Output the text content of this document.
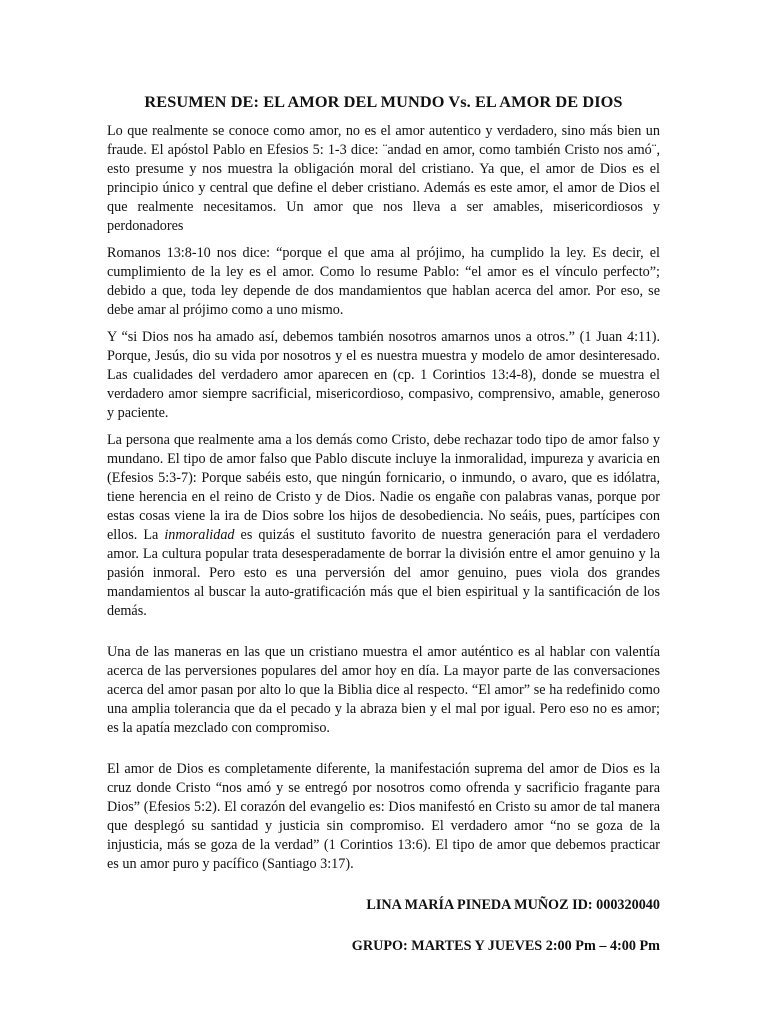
RESUMEN DE: EL AMOR DEL MUNDO Vs. EL AMOR DE DIOS

Lo que realmente se conoce como amor, no es el amor autentico y verdadero, sino más bien un fraude. El apóstol Pablo en Efesios 5: 1-3 dice: ¨andad en amor, como también Cristo nos amó¨, esto presume y nos muestra la obligación moral del cristiano. Ya que, el amor de Dios es el principio único y central que define el deber cristiano. Además es este amor, el amor de Dios el que realmente necesitamos. Un amor que nos lleva a ser amables, misericordiosos y perdonadores

Romanos 13:8-10 nos dice: “porque el que ama al prójimo, ha cumplido la ley. Es decir, el cumplimiento de la ley es el amor. Como lo resume Pablo: “el amor es el vínculo perfecto”; debido a que, toda ley depende de dos mandamientos que hablan acerca del amor. Por eso, se debe amar al prójimo como a uno mismo.

Y “si Dios nos ha amado así, debemos también nosotros amarnos unos a otros.” (1 Juan 4:11). Porque, Jesús, dio su vida por nosotros y el es nuestra muestra y modelo de amor desinteresado. Las cualidades del verdadero amor aparecen en (cp. 1 Corintios 13:4-8), donde se muestra el verdadero amor siempre sacrificial, misericordioso, compasivo, comprensivo, amable, generoso y paciente.

La persona que realmente ama a los demás como Cristo, debe rechazar todo tipo de amor falso y mundano. El tipo de amor falso que Pablo discute incluye la inmoralidad, impureza y avaricia en (Efesios 5:3-7): Porque sabéis esto, que ningún fornicario, o inmundo, o avaro, que es idólatra, tiene herencia en el reino de Cristo y de Dios. Nadie os engañe con palabras vanas, porque por estas cosas viene la ira de Dios sobre los hijos de desobediencia. No seáis, pues, partícipes con ellos. La inmoralidad es quizás el sustituto favorito de nuestra generación para el verdadero amor. La cultura popular trata desesperadamente de borrar la división entre el amor genuino y la pasión inmoral. Pero esto es una perversión del amor genuino, pues viola dos grandes mandamientos al buscar la auto-gratificación más que el bien espiritual y la santificación de los demás.

Una de las maneras en las que un cristiano muestra el amor auténtico es al hablar con valentía acerca de las perversiones populares del amor hoy en día. La mayor parte de las conversaciones acerca del amor pasan por alto lo que la Biblia dice al respecto. “El amor” se ha redefinido como una amplia tolerancia que da el pecado y la abraza bien y el mal por igual. Pero eso no es amor; es la apatía mezclado con compromiso.

El amor de Dios es completamente diferente, la manifestación suprema del amor de Dios es la cruz donde Cristo “nos amó y se entregó por nosotros como ofrenda y sacrificio fragante para Dios” (Efesios 5:2). El corazón del evangelio es: Dios manifestó en Cristo su amor de tal manera que desplegó su santidad y justicia sin compromiso. El verdadero amor “no se goza de la injusticia, más se goza de la verdad” (1 Corintios 13:6). El tipo de amor que debemos practicar es un amor puro y pacífico (Santiago 3:17).

LINA MARÍA PINEDA MUÑOZ ID: 000320040

GRUPO: MARTES Y JUEVES 2:00 Pm – 4:00 Pm
